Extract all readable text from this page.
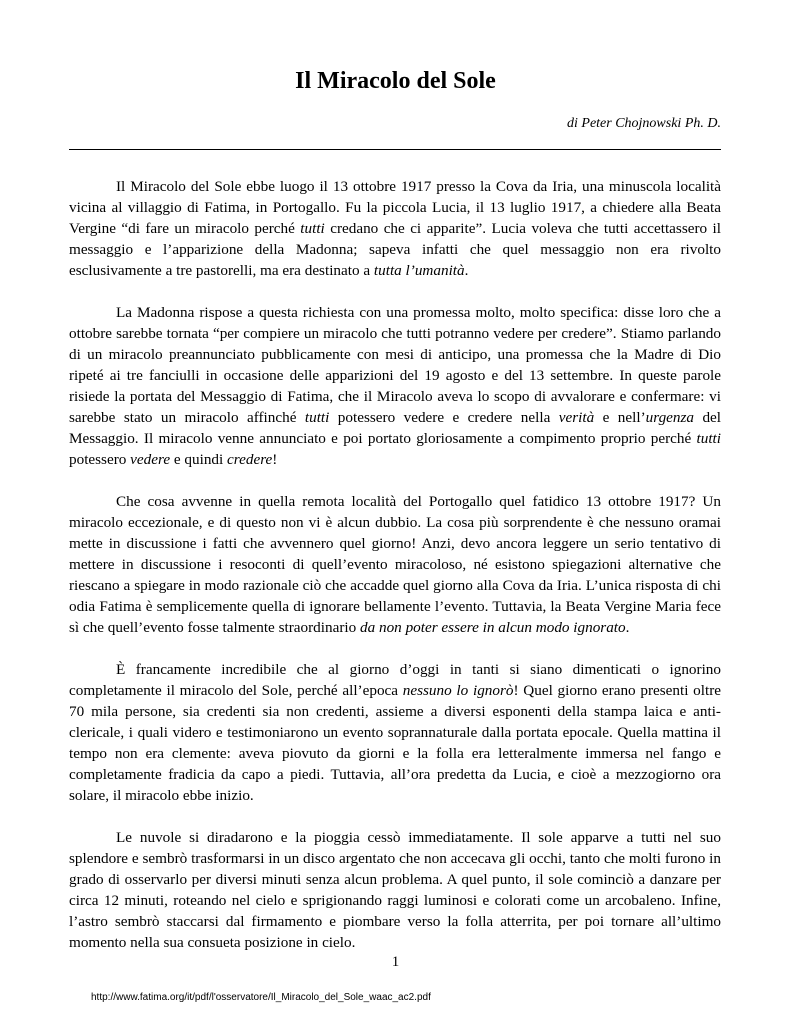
Il Miracolo del Sole

di Peter Chojnowski Ph. D.

Il Miracolo del Sole ebbe luogo il 13 ottobre 1917 presso la Cova da Iria, una minuscola località vicina al villaggio di Fatima, in Portogallo. Fu la piccola Lucia, il 13 luglio 1917, a chiedere alla Beata Vergine “di fare un miracolo perché tutti credano che ci apparite”. Lucia voleva che tutti accettassero il messaggio e l’apparizione della Madonna; sapeva infatti che quel messaggio non era rivolto esclusivamente a tre pastorelli, ma era destinato a tutta l’umanità.

La Madonna rispose a questa richiesta con una promessa molto, molto specifica: disse loro che a ottobre sarebbe tornata “per compiere un miracolo che tutti potranno vedere per credere”. Stiamo parlando di un miracolo preannunciato pubblicamente con mesi di anticipo, una promessa che la Madre di Dio ripeté ai tre fanciulli in occasione delle apparizioni del 19 agosto e del 13 settembre. In queste parole risiede la portata del Messaggio di Fatima, che il Miracolo aveva lo scopo di avvalorare e confermare: vi sarebbe stato un miracolo affinché tutti potessero vedere e credere nella verità e nell’urgenza del Messaggio. Il miracolo venne annunciato e poi portato gloriosamente a compimento proprio perché tutti potessero vedere e quindi credere!

Che cosa avvenne in quella remota località del Portogallo quel fatidico 13 ottobre 1917? Un miracolo eccezionale, e di questo non vi è alcun dubbio. La cosa più sorprendente è che nessuno oramai mette in discussione i fatti che avvennero quel giorno! Anzi, devo ancora leggere un serio tentativo di mettere in discussione i resoconti di quell’evento miracoloso, né esistono spiegazioni alternative che riescano a spiegare in modo razionale ciò che accadde quel giorno alla Cova da Iria. L’unica risposta di chi odia Fatima è semplicemente quella di ignorare bellamente l’evento. Tuttavia, la Beata Vergine Maria fece sì che quell’evento fosse talmente straordinario da non poter essere in alcun modo ignorato.

È francamente incredibile che al giorno d’oggi in tanti si siano dimenticati o ignorino completamente il miracolo del Sole, perché all’epoca nessuno lo ignorò! Quel giorno erano presenti oltre 70 mila persone, sia credenti sia non credenti, assieme a diversi esponenti della stampa laica e anti-clericale, i quali videro e testimoniarono un evento soprannaturale dalla portata epocale. Quella mattina il tempo non era clemente: aveva piovuto da giorni e la folla era letteralmente immersa nel fango e completamente fradicia da capo a piedi. Tuttavia, all’ora predetta da Lucia, e cioè a mezzogiorno ora solare, il miracolo ebbe inizio.

Le nuvole si diradarono e la pioggia cessò immediatamente. Il sole apparve a tutti nel suo splendore e sembrò trasformarsi in un disco argentato che non accecava gli occhi, tanto che molti furono in grado di osservarlo per diversi minuti senza alcun problema. A quel punto, il sole cominciò a danzare per circa 12 minuti, roteando nel cielo e sprigionando raggi luminosi e colorati come un arcobaleno. Infine, l’astro sembrò staccarsi dal firmamento e piombare verso la folla atterrita, per poi tornare all’ultimo momento nella sua consueta posizione in cielo.

1

http://www.fatima.org/it/pdf/l'osservatore/Il_Miracolo_del_Sole_waac_ac2.pdf
